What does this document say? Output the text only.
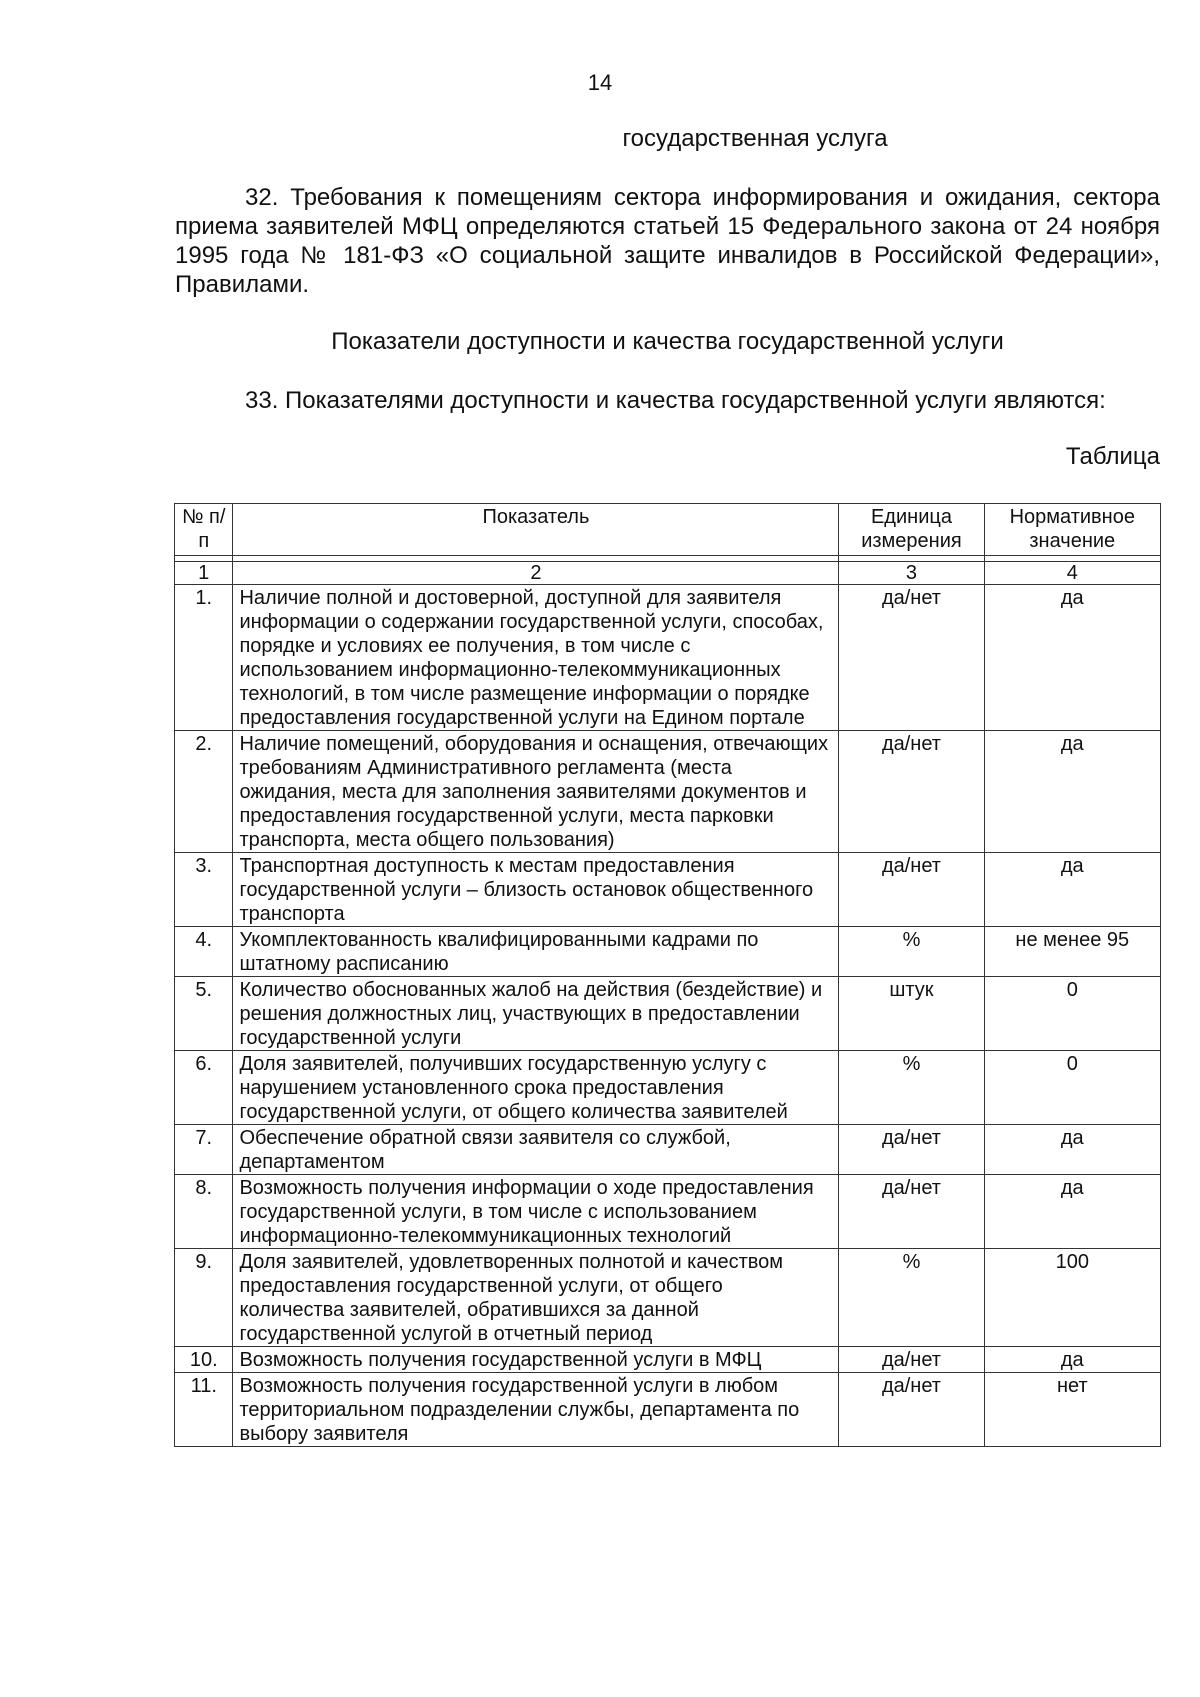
14
государственная услуга
32. Требования к помещениям сектора информирования и ожидания, сектора приема заявителей МФЦ определяются статьей 15 Федерального закона от 24 ноября 1995 года № 181-ФЗ «О социальной защите инвалидов в Российской Федерации», Правилами.
Показатели доступности и качества государственной услуги
33. Показателями доступности и качества государственной услуги являются:
Таблица
№ п/п	Показатель	Единица измерения	Нормативное значение

1	2	3	4
1.	Наличие полной и достоверной, доступной для заявителя информации о содержании государственной услуги, способах, порядке и условиях ее получения, в том числе с использованием информационно-телекоммуникационных технологий, в том числе размещение информации о порядке предоставления государственной услуги на Едином портале	да/нет	да
2.	Наличие помещений, оборудования и оснащения, отвечающих требованиям Административного регламента (места ожидания, места для заполнения заявителями документов и предоставления государственной услуги, места парковки транспорта, места общего пользования)	да/нет	да
3.	Транспортная доступность к местам предоставления государственной услуги – близость остановок общественного транспорта	да/нет	да
4.	Укомплектованность квалифицированными кадрами по штатному расписанию	%	не менее 95
5.	Количество обоснованных жалоб на действия (бездействие) и решения должностных лиц, участвующих в предоставлении государственной услуги	штук	0
6.	Доля заявителей, получивших государственную услугу с нарушением установленного срока предоставления государственной услуги, от общего количества заявителей	%	0
7.	Обеспечение обратной связи заявителя со службой, департаментом	да/нет	да
8.	Возможность получения информации о ходе предоставления государственной услуги, в том числе с использованием информационно-телекоммуникационных технологий	да/нет	да
9.	Доля заявителей, удовлетворенных полнотой и качеством предоставления государственной услуги, от общего количества заявителей, обратившихся за данной государственной услугой в отчетный период	%	100
10.	Возможность получения государственной услуги в МФЦ	да/нет	да
11.	Возможность получения государственной услуги в любом территориальном подразделении службы, департамента по выбору заявителя	да/нет	нет
